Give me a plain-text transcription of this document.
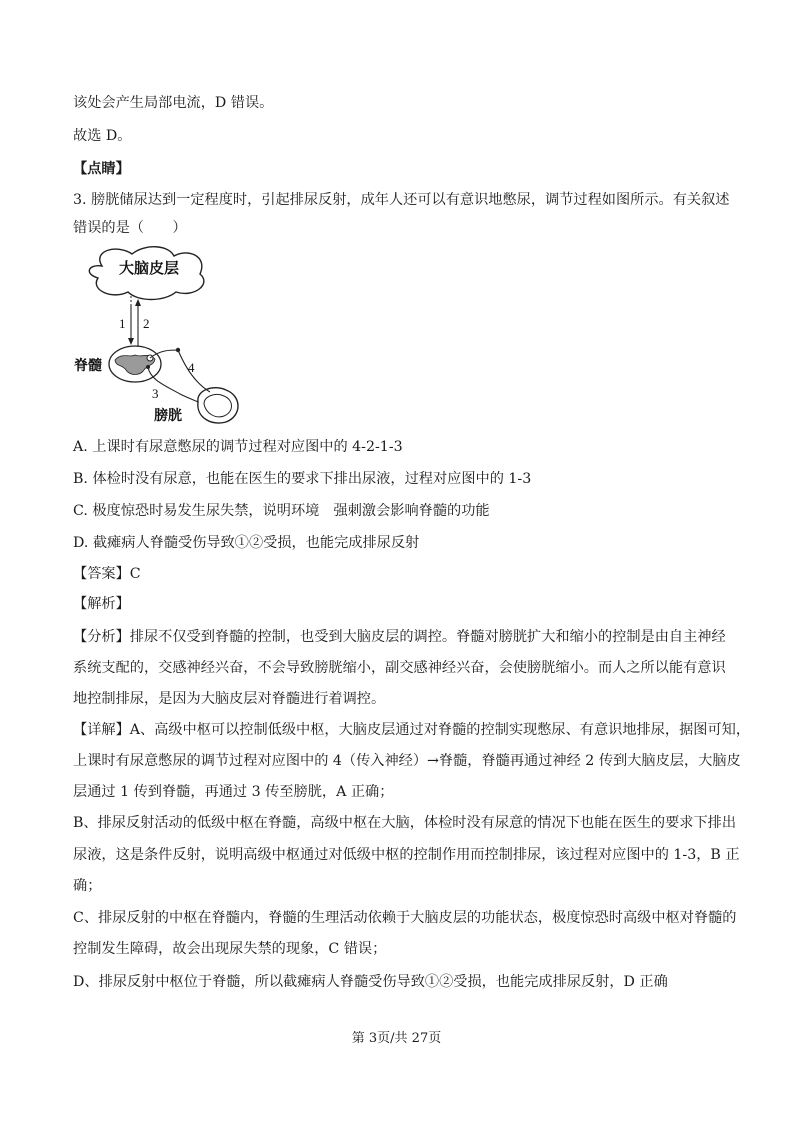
该处会产生局部电流，D 错误。
故选 D。
【点睛】
3. 膀胱储尿达到一定程度时，引起排尿反射，成年人还可以有意识地憋尿，调节过程如图所示。有关叙述
错误的是（　　）
大脑皮层
1 2
脊髓	4
3
膀胱
A. 上课时有尿意憋尿的调节过程对应图中的 4-2-1-3
B. 体检时没有尿意，也能在医生的要求下排出尿液，过程对应图中的 1-3
C. 极度惊恐时易发生尿失禁，说明环境　强刺激会影响脊髓的功能
D. 截瘫病人脊髓受伤导致①②受损，也能完成排尿反射
【答案】C
【解析】
【分析】排尿不仅受到脊髓的控制，也受到大脑皮层的调控。脊髓对膀胱扩大和缩小的控制是由自主神经
系统支配的，交感神经兴奋，不会导致膀胱缩小，副交感神经兴奋，会使膀胱缩小。而人之所以能有意识
地控制排尿，是因为大脑皮层对脊髓进行着调控。
【详解】A、高级中枢可以控制低级中枢，大脑皮层通过对脊髓的控制实现憋尿、有意识地排尿，据图可知，
上课时有尿意憋尿的调节过程对应图中的 4（传入神经）→脊髓，脊髓再通过神经 2 传到大脑皮层，大脑皮
层通过 1 传到脊髓，再通过 3 传至膀胱，A 正确；
B、排尿反射活动的低级中枢在脊髓，高级中枢在大脑，体检时没有尿意的情况下也能在医生的要求下排出
尿液，这是条件反射，说明高级中枢通过对低级中枢的控制作用而控制排尿，该过程对应图中的 1-3，B 正
确；
C、排尿反射的中枢在脊髓内，脊髓的生理活动依赖于大脑皮层的功能状态，极度惊恐时高级中枢对脊髓的
控制发生障碍，故会出现尿失禁的现象，C 错误；
D、排尿反射中枢位于脊髓，所以截瘫病人脊髓受伤导致①②受损，也能完成排尿反射，D 正确
第 3页/共 27页
